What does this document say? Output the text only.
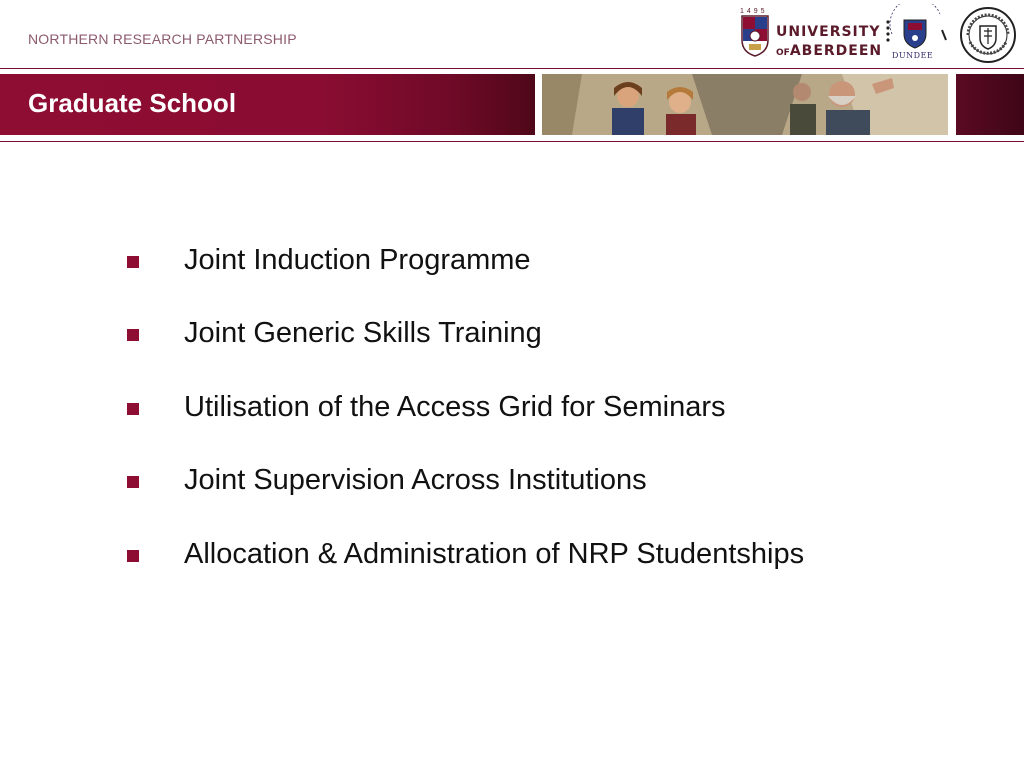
NORTHERN RESEARCH PARTNERSHIP
1495
UNIVERSITY
OFABERDEEN DUNDEE
Graduate School
Joint Induction Programme
Joint Generic Skills Training
Utilisation of the Access Grid for Seminars
Joint Supervision Across Institutions
Allocation & Administration of NRP Studentships
